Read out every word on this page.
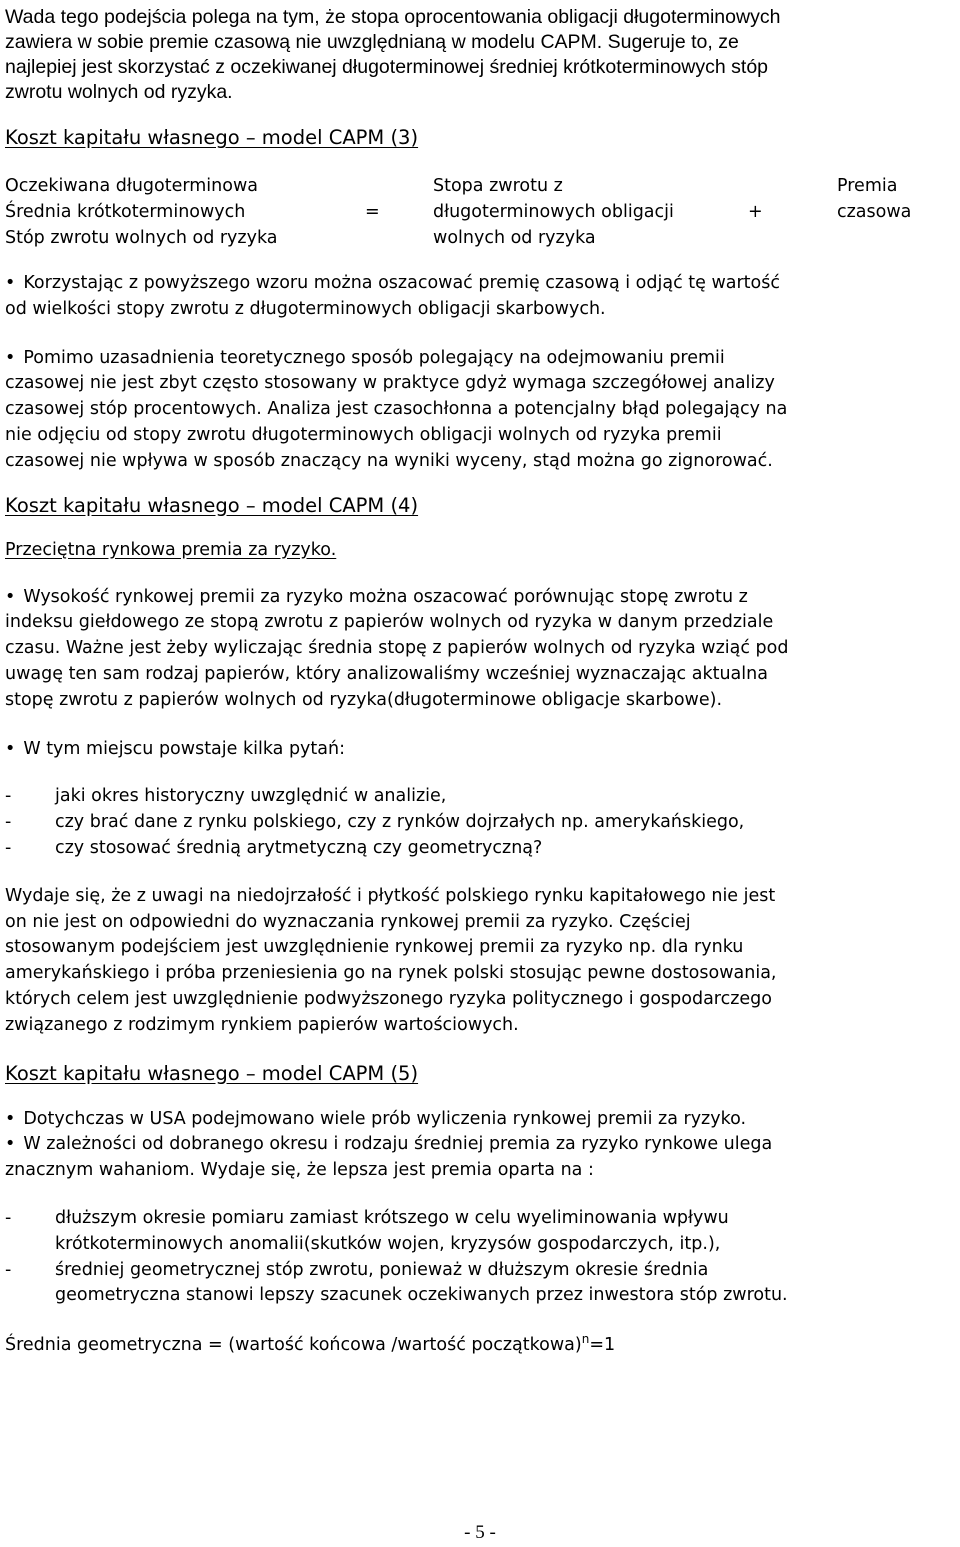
Wada tego podejścia polega na tym, że stopa oprocentowania obligacji długoterminowych
zawiera w sobie premie czasową nie uwzględnianą w modelu CAPM. Sugeruje to, ze
najlepiej jest skorzystać z oczekiwanej długoterminowej średniej krótkoterminowych stóp
zwrotu wolnych od ryzyka.

Koszt kapitału własnego – model CAPM (3)

Oczekiwana długoterminowa
Średnia krótkoterminowych
Stóp zwrotu wolnych od ryzyka
=
Stopa zwrotu z
długoterminowych obligacji
wolnych od ryzyka
+
Premia
czasowa

• Korzystając z powyższego wzoru można oszacować premię czasową i odjąć tę wartość
od wielkości stopy zwrotu z długoterminowych obligacji skarbowych.

• Pomimo uzasadnienia teoretycznego sposób polegający na odejmowaniu premii
czasowej nie jest zbyt często stosowany w praktyce gdyż wymaga szczegółowej analizy
czasowej stóp procentowych. Analiza jest czasochłonna a potencjalny błąd polegający na
nie odjęciu od stopy zwrotu długoterminowych obligacji wolnych od ryzyka premii
czasowej nie wpływa w sposób znaczący na wyniki wyceny, stąd można go zignorować.

Koszt kapitału własnego – model CAPM (4)

Przeciętna rynkowa premia za ryzyko.

• Wysokość rynkowej premii za ryzyko można oszacować porównując stopę zwrotu z
indeksu giełdowego ze stopą zwrotu z papierów wolnych od ryzyka w danym przedziale
czasu. Ważne jest żeby wyliczając średnia stopę z papierów wolnych od ryzyka wziąć pod
uwagę ten sam rodzaj papierów, który analizowaliśmy wcześniej wyznaczając aktualna
stopę zwrotu z papierów wolnych od ryzyka(długoterminowe obligacje skarbowe).

• W tym miejscu powstaje kilka pytań:

- jaki okres historyczny uwzględnić w analizie,
- czy brać dane z rynku polskiego, czy z rynków dojrzałych np. amerykańskiego,
- czy stosować średnią arytmetyczną czy geometryczną?

Wydaje się, że z uwagi na niedojrzałość i płytkość polskiego rynku kapitałowego nie jest
on nie jest on odpowiedni do wyznaczania rynkowej premii za ryzyko. Częściej
stosowanym podejściem jest uwzględnienie rynkowej premii za ryzyko np. dla rynku
amerykańskiego i próba przeniesienia go na rynek polski stosując pewne dostosowania,
których celem jest uwzględnienie podwyższonego ryzyka politycznego i gospodarczego
związanego z rodzimym rynkiem papierów wartościowych.

Koszt kapitału własnego – model CAPM (5)

• Dotychczas w USA podejmowano wiele prób wyliczenia rynkowej premii za ryzyko.

• W zależności od dobranego okresu i rodzaju średniej premia za ryzyko rynkowe ulega
znacznym wahaniom. Wydaje się, że lepsza jest premia oparta na :

- dłuższym okresie pomiaru zamiast krótszego w celu wyeliminowania wpływu
krótkoterminowych anomalii(skutków wojen, kryzysów gospodarczych, itp.),
- średniej geometrycznej stóp zwrotu, ponieważ w dłuższym okresie średnia
geometryczna stanowi lepszy szacunek oczekiwanych przez inwestora stóp zwrotu.

Średnia geometryczna = (wartość końcowa /wartość początkowa)$^n$=1

- 5 -
